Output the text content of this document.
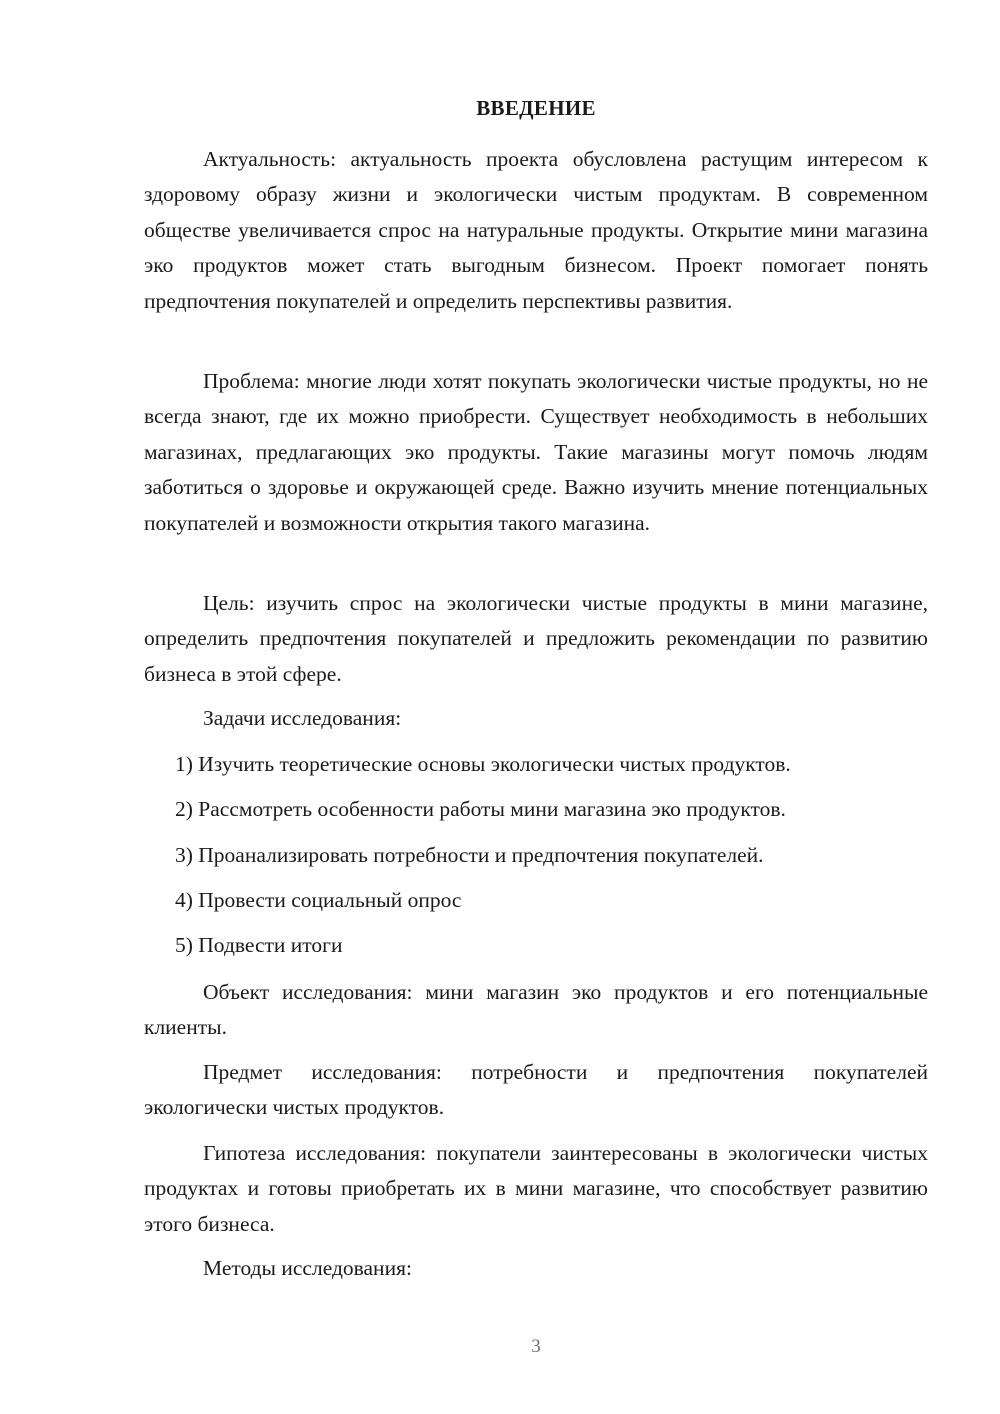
ВВЕДЕНИЕ
Актуальность: актуальность проекта обусловлена растущим интересом к здоровому образу жизни и экологически чистым продуктам. В современном обществе увеличивается спрос на натуральные продукты. Открытие мини магазина эко продуктов может стать выгодным бизнесом. Проект помогает понять предпочтения покупателей и определить перспективы развития.
Проблема: многие люди хотят покупать экологически чистые продукты, но не всегда знают, где их можно приобрести. Существует необходимость в небольших магазинах, предлагающих эко продукты. Такие магазины могут помочь людям заботиться о здоровье и окружающей среде. Важно изучить мнение потенциальных покупателей и возможности открытия такого магазина.
Цель: изучить спрос на экологически чистые продукты в мини магазине, определить предпочтения покупателей и предложить рекомендации по развитию бизнеса в этой сфере.
Задачи исследования:
1) Изучить теоретические основы экологически чистых продуктов.
2) Рассмотреть особенности работы мини магазина эко продуктов.
3) Проанализировать потребности и предпочтения покупателей.
4) Провести социальный опрос
5) Подвести итоги
Объект исследования: мини магазин эко продуктов и его потенциальные клиенты.
Предмет исследования: потребности и предпочтения покупателей экологически чистых продуктов.
Гипотеза исследования: покупатели заинтересованы в экологически чистых продуктах и готовы приобретать их в мини магазине, что способствует развитию этого бизнеса.
Методы исследования:
3
